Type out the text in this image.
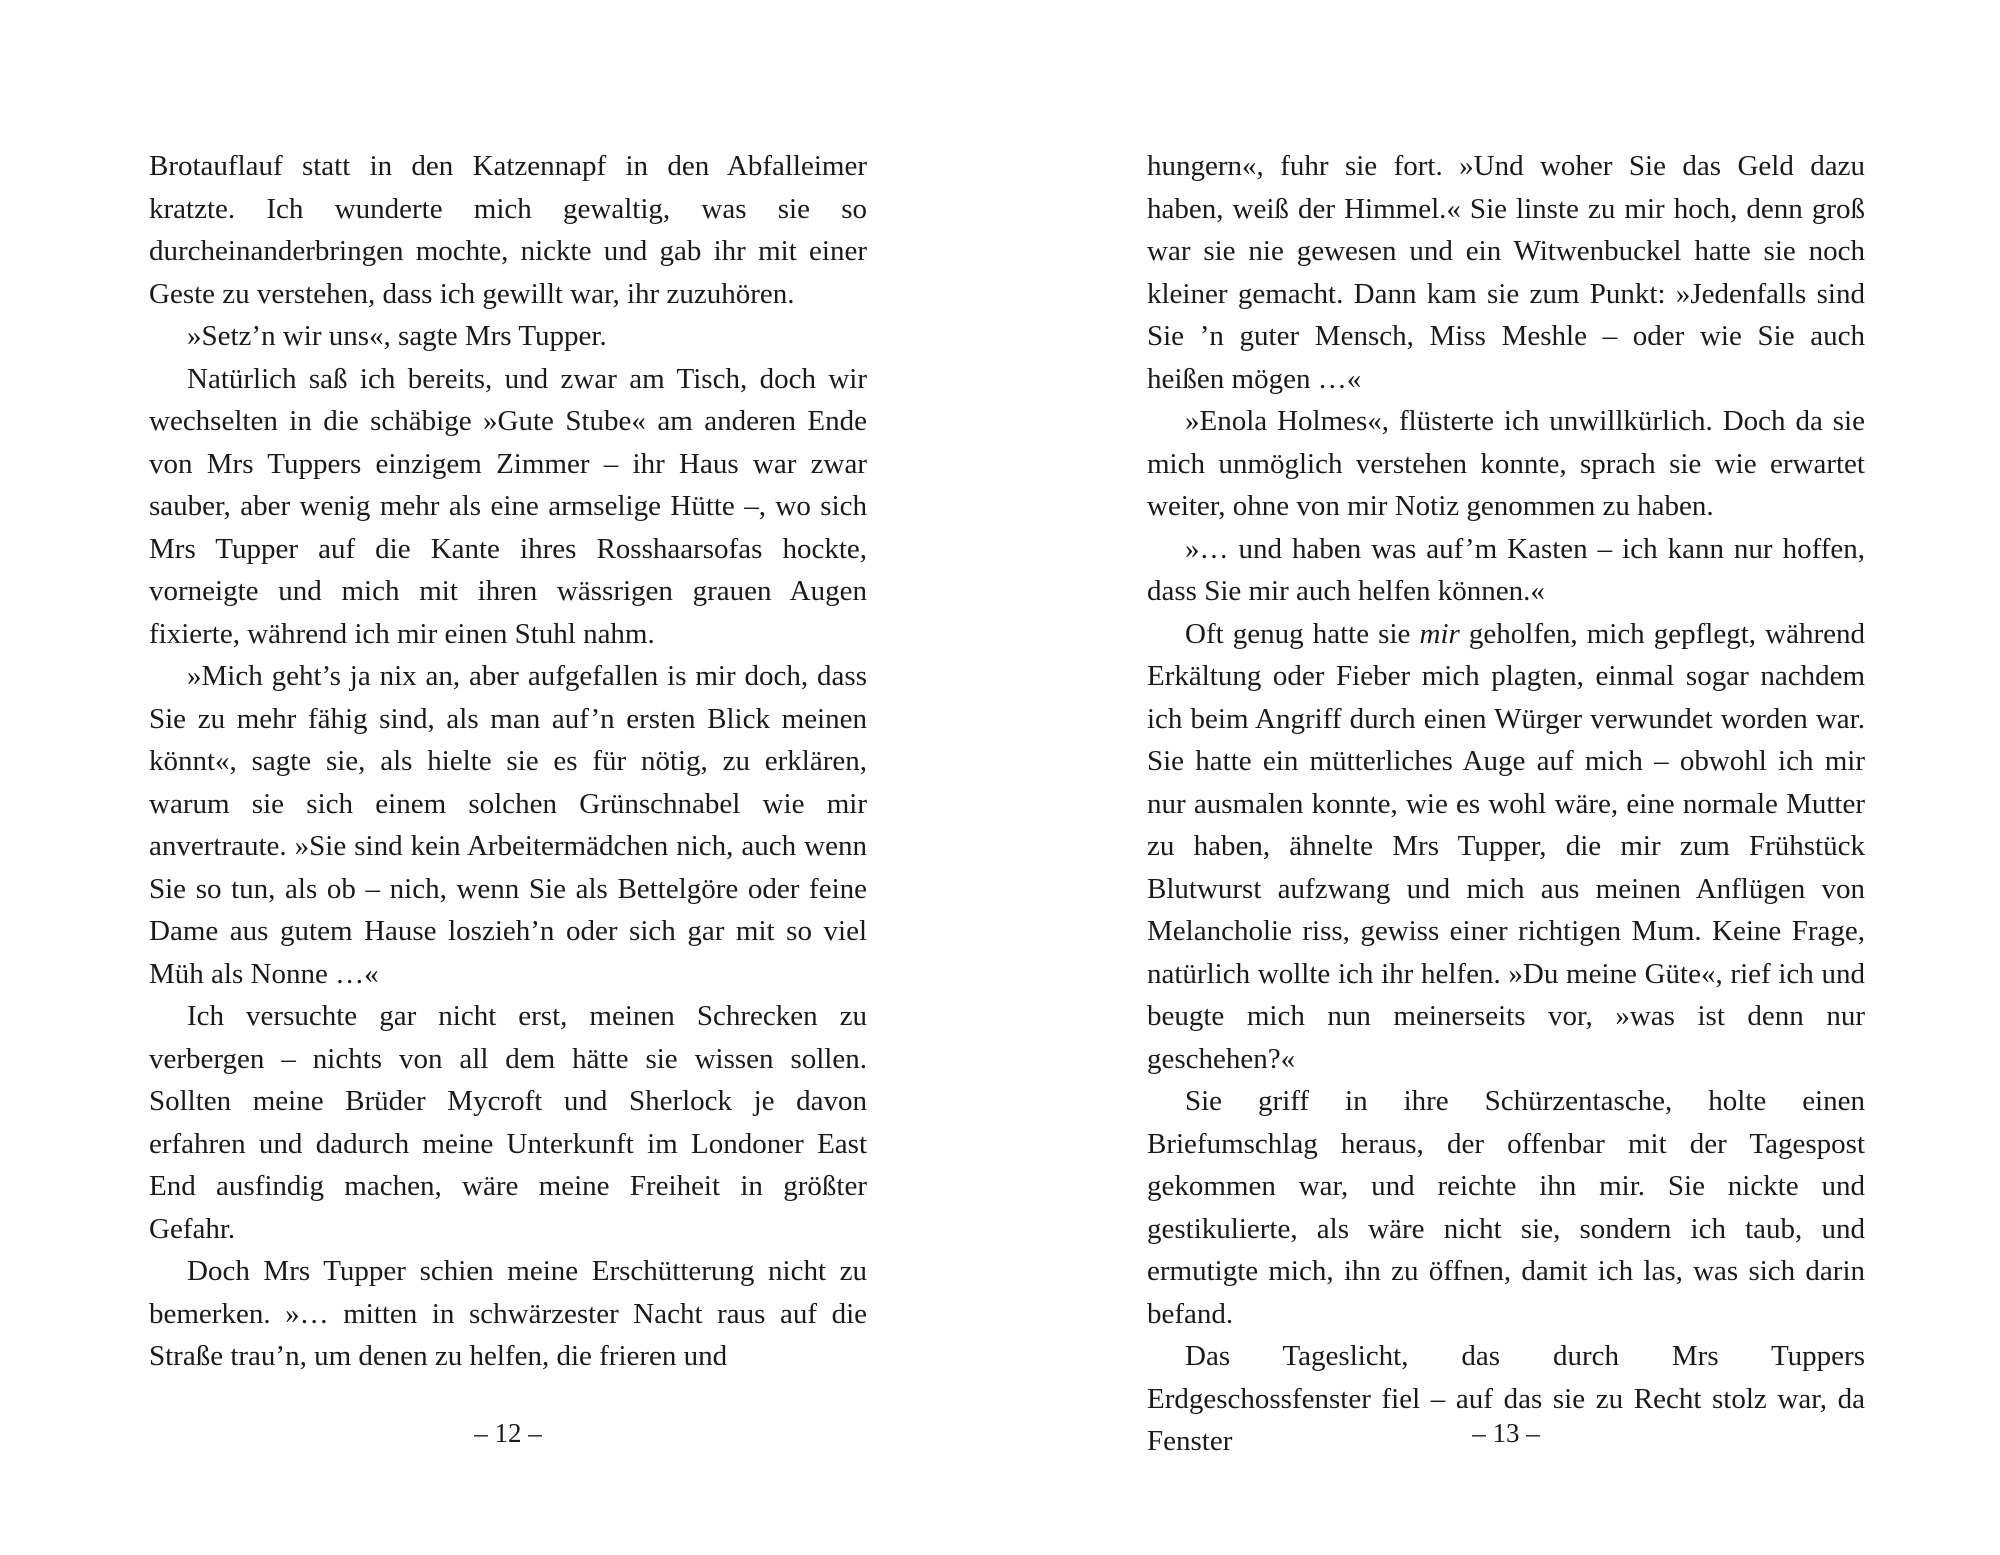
Brotauflauf statt in den Katzennapf in den Abfalleimer kratzte. Ich wunderte mich gewaltig, was sie so durcheinanderbringen mochte, nickte und gab ihr mit einer Geste zu verstehen, dass ich gewillt war, ihr zuzuhören.

»Setz’n wir uns«, sagte Mrs Tupper.

Natürlich saß ich bereits, und zwar am Tisch, doch wir wechselten in die schäbige »Gute Stube« am anderen Ende von Mrs Tuppers einzigem Zimmer – ihr Haus war zwar sauber, aber wenig mehr als eine armselige Hütte –, wo sich Mrs Tupper auf die Kante ihres Rosshaarsofas hockte, vorneigte und mich mit ihren wässrigen grauen Augen fixierte, während ich mir einen Stuhl nahm.

»Mich geht’s ja nix an, aber aufgefallen is mir doch, dass Sie zu mehr fähig sind, als man auf’n ersten Blick meinen könnt«, sagte sie, als hielte sie es für nötig, zu erklären, warum sie sich einem solchen Grünschnabel wie mir anvertraute. »Sie sind kein Arbeitermädchen nich, auch wenn Sie so tun, als ob – nich, wenn Sie als Bettelgöre oder feine Dame aus gutem Hause loszieh’n oder sich gar mit so viel Müh als Nonne …«

Ich versuchte gar nicht erst, meinen Schrecken zu verbergen – nichts von all dem hätte sie wissen sollen. Sollten meine Brüder Mycroft und Sherlock je davon erfahren und dadurch meine Unterkunft im Londoner East End ausfindig machen, wäre meine Freiheit in größter Gefahr.

Doch Mrs Tupper schien meine Erschütterung nicht zu bemerken. »… mitten in schwärzester Nacht raus auf die Straße trau’n, um denen zu helfen, die frieren und

– 12 –

hungern«, fuhr sie fort. »Und woher Sie das Geld dazu haben, weiß der Himmel.« Sie linste zu mir hoch, denn groß war sie nie gewesen und ein Witwenbuckel hatte sie noch kleiner gemacht. Dann kam sie zum Punkt: »Jedenfalls sind Sie ’n guter Mensch, Miss Meshle – oder wie Sie auch heißen mögen …«

»Enola Holmes«, flüsterte ich unwillkürlich. Doch da sie mich unmöglich verstehen konnte, sprach sie wie erwartet weiter, ohne von mir Notiz genommen zu haben.

»… und haben was auf’m Kasten – ich kann nur hoffen, dass Sie mir auch helfen können.«

Oft genug hatte sie mir geholfen, mich gepflegt, während Erkältung oder Fieber mich plagten, einmal sogar nachdem ich beim Angriff durch einen Würger verwundet worden war. Sie hatte ein mütterliches Auge auf mich – obwohl ich mir nur ausmalen konnte, wie es wohl wäre, eine normale Mutter zu haben, ähnelte Mrs Tupper, die mir zum Frühstück Blutwurst aufzwang und mich aus meinen Anflügen von Melancholie riss, gewiss einer richtigen Mum. Keine Frage, natürlich wollte ich ihr helfen. »Du meine Güte«, rief ich und beugte mich nun meinerseits vor, »was ist denn nur geschehen?«

Sie griff in ihre Schürzentasche, holte einen Briefumschlag heraus, der offenbar mit der Tagespost gekommen war, und reichte ihn mir. Sie nickte und gestikulierte, als wäre nicht sie, sondern ich taub, und ermutigte mich, ihn zu öffnen, damit ich las, was sich darin befand.

Das Tageslicht, das durch Mrs Tuppers Erdgeschossfenster fiel – auf das sie zu Recht stolz war, da Fenster	– 13 –
